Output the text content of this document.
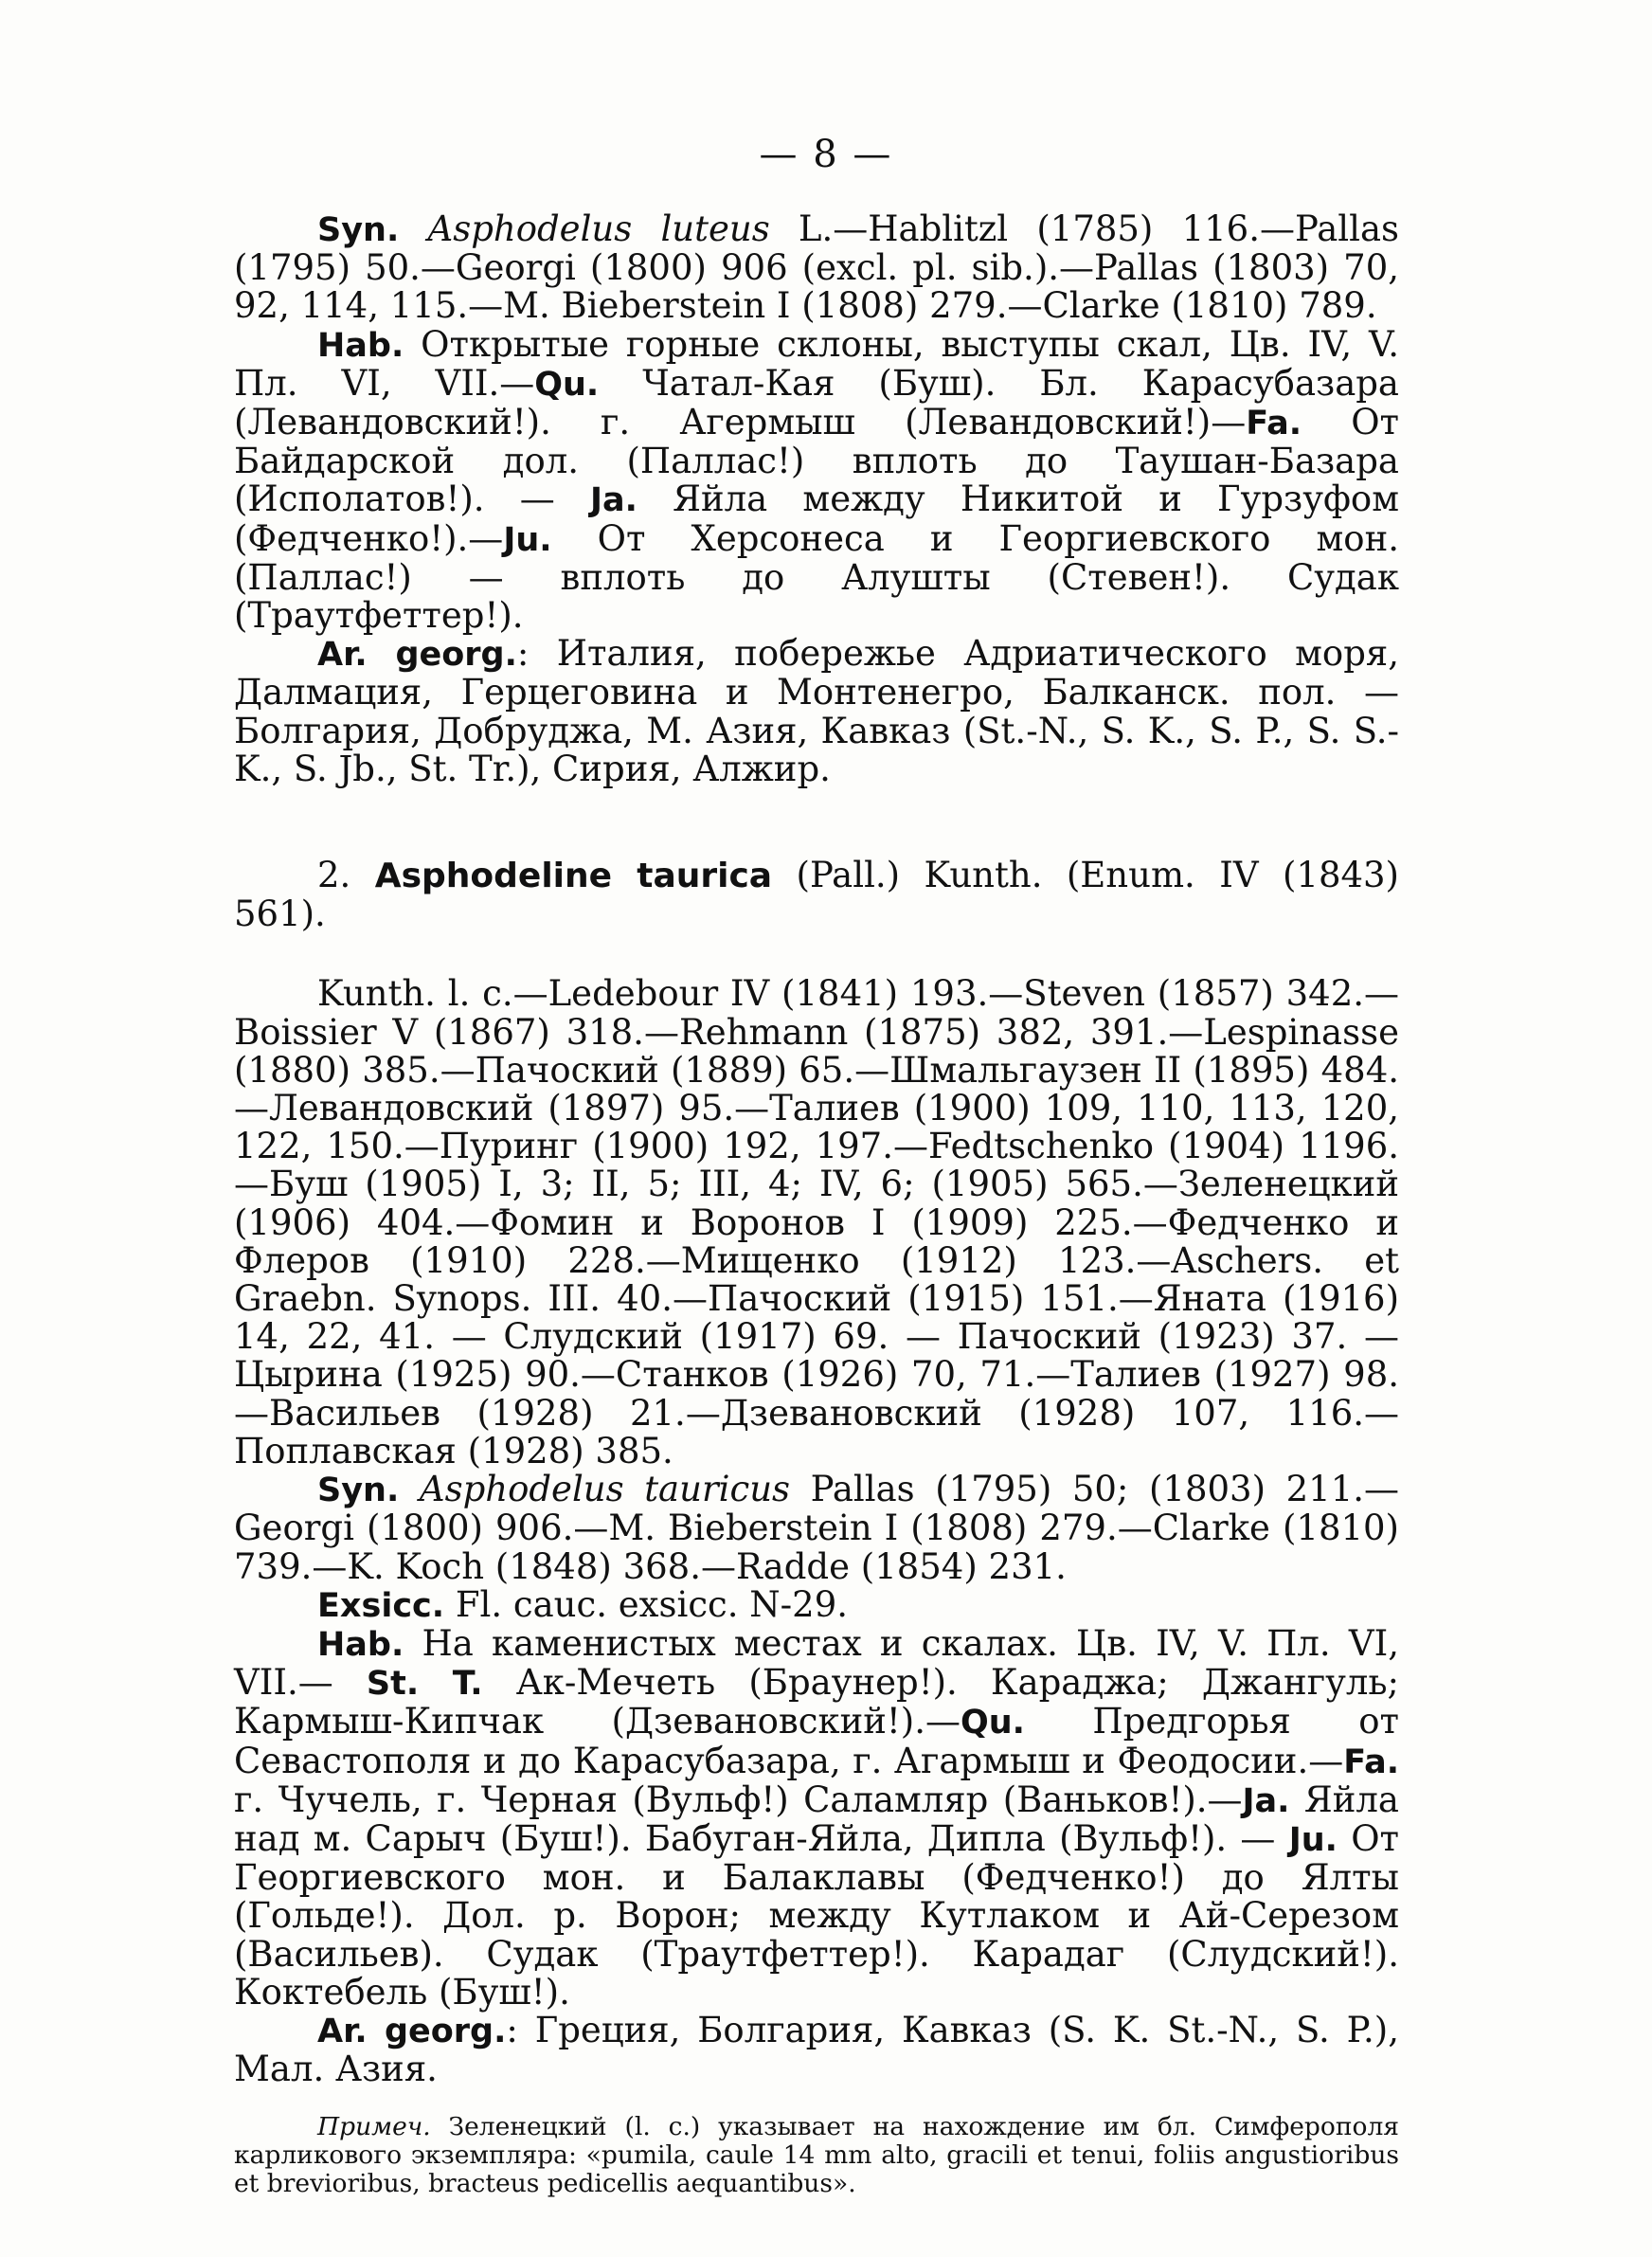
— 8 —

Syn. Asphodelus luteus L.—Hablitzl (1785) 116.—Pallas (1795) 50.—Georgi (1800) 906 (excl. pl. sib.).—Pallas (1803) 70, 92, 114, 115.—M. Bieberstein I (1808) 279.—Clarke (1810) 789.

Hab. Открытые горные склоны, выступы скал, Цв. IV, V. Пл. VI, VII.—Qu. Чатал-Кая (Буш). Бл. Карасубазара (Левандовский!). г. Агермыш (Левандовский!)—Fa. От Байдарской дол. (Паллас!) вплоть до Таушан-Базара (Исполатов!). — Ja. Яйла между Никитой и Гурзуфом (Федченко!).—Ju. От Херсонеса и Георгиевского мон. (Паллас!) — вплоть до Алушты (Стевен!). Судак (Траутфеттер!).

Ar. georg.: Италия, побережье Адриатического моря, Далмация, Герцеговина и Монтенегро, Балканск. пол. — Болгария, Добруджа, М. Азия, Кавказ (St.-N., S. K., S. P., S. S.-K., S. Jb., St. Tr.), Сирия, Алжир.

2. Asphodeline taurica (Pall.) Kunth. (Enum. IV (1843) 561).

Kunth. l. c.—Ledebour IV (1841) 193.—Steven (1857) 342.—Boissier V (1867) 318.—Rehmann (1875) 382, 391.—Lespinasse (1880) 385.—Пачоский (1889) 65.—Шмальгаузен II (1895) 484.—Левандовский (1897) 95.—Талиев (1900) 109, 110, 113, 120, 122, 150.—Пуринг (1900) 192, 197.—Fedtschenko (1904) 1196.—Буш (1905) I, 3; II, 5; III, 4; IV, 6; (1905) 565.—Зеленецкий (1906) 404.—Фомин и Воронов I (1909) 225.—Федченко и Флеров (1910) 228.—Мищенко (1912) 123.—Aschers. et Graebn. Synops. III. 40.—Пачоский (1915) 151.—Яната (1916) 14, 22, 41. — Слудский (1917) 69. — Пачоский (1923) 37. — Цырина (1925) 90.—Станков (1926) 70, 71.—Талиев (1927) 98.—Васильев (1928) 21.—Дзевановский (1928) 107, 116.—Поплавская (1928) 385.

Syn. Asphodelus tauricus Pallas (1795) 50; (1803) 211.—Georgi (1800) 906.—M. Bieberstein I (1808) 279.—Clarke (1810) 739.—K. Koch (1848) 368.—Radde (1854) 231.

Exsicc. Fl. cauc. exsicc. N-29.

Hab. На каменистых местах и скалах. Цв. IV, V. Пл. VI, VII.— St. T. Ак-Мечеть (Браунер!). Караджа; Джангуль; Кармыш-Кипчак (Дзевановский!).—Qu. Предгорья от Севастополя и до Карасубазара, г. Агармыш и Феодосии.—Fa. г. Чучель, г. Черная (Вульф!) Саламляр (Ваньков!).—Ja. Яйла над м. Сарыч (Буш!). Бабуган-Яйла, Дипла (Вульф!). — Ju. От Георгиевского мон. и Балаклавы (Федченко!) до Ялты (Гольде!). Дол. р. Ворон; между Кутлаком и Ай-Серезом (Васильев). Судак (Траутфеттер!). Карадаг (Слудский!). Коктебель (Буш!).

Ar. georg.: Греция, Болгария, Кавказ (S. K. St.-N., S. P.), Мал. Азия.

Примеч. Зеленецкий (l. c.) указывает на нахождение им бл. Симферополя карликового экземпляра: «pumila, caule 14 mm alto, gracili et tenui, foliis angustioribus et brevioribus, bracteus pedicellis aequantibus».
